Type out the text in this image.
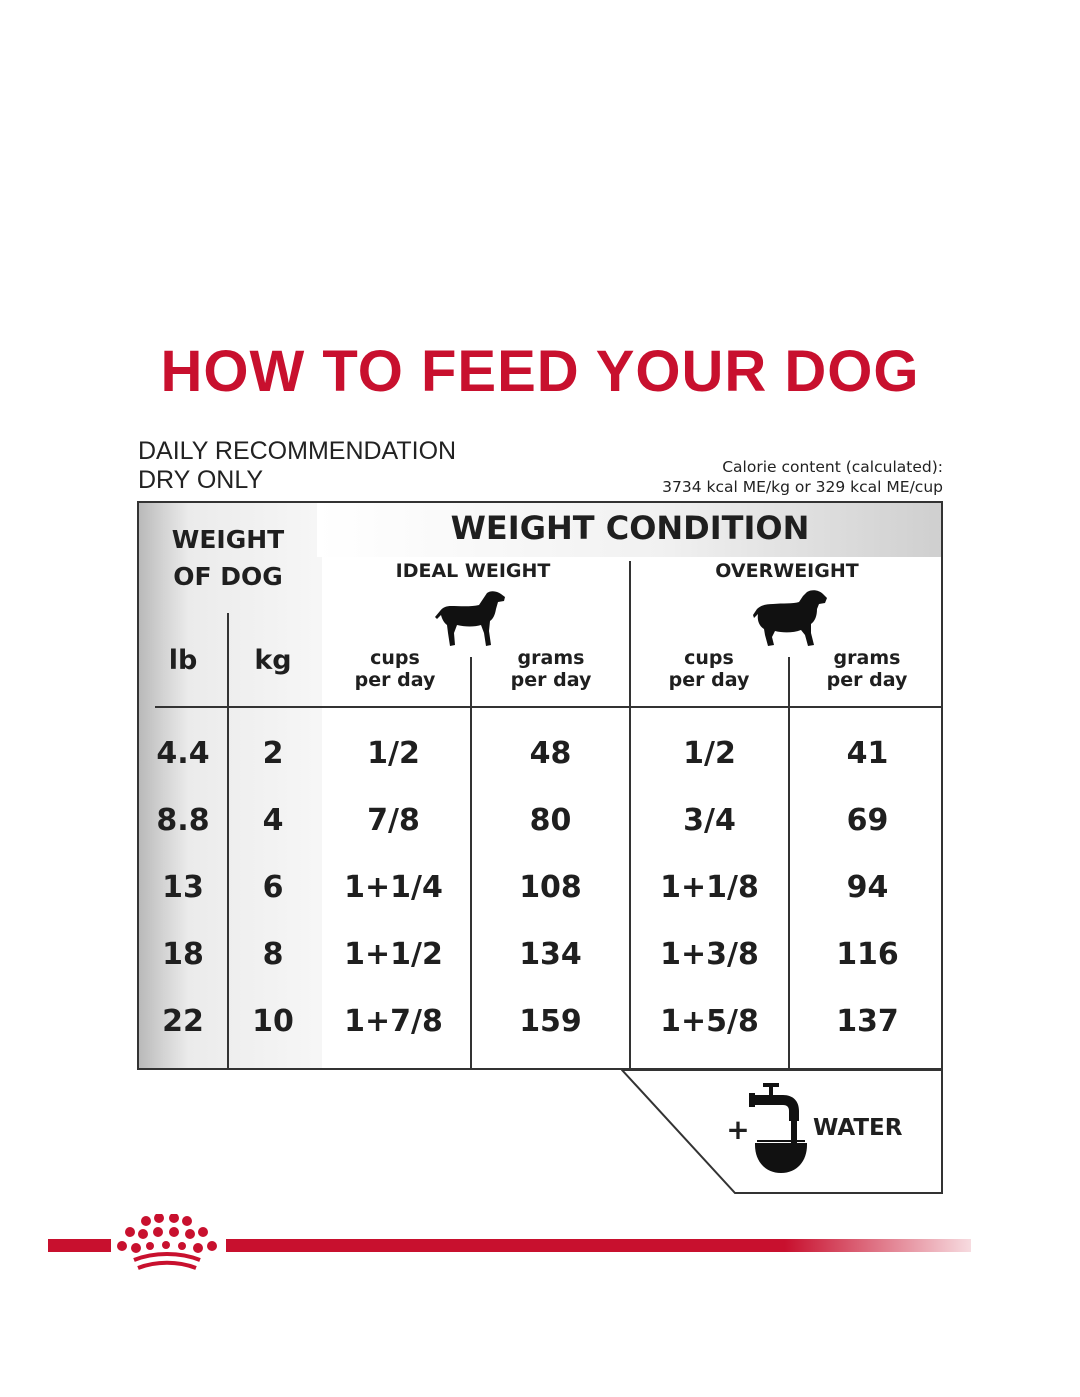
HOW TO FEED YOUR DOG
DAILY RECOMMENDATION
DRY ONLY	Calorie content (calculated):
3734 kcal ME/kg or 329 kcal ME/cup
WEIGHT
OF DOG
lb	kg
WEIGHT CONDITION
IDEAL WEIGHT	OVERWEIGHT
cups
per day
grams
per day
cups
per day
grams
per day
4.4	2	1/2	48	1/2	41
8.8	4	7/8	80	3/4	69
13	6	1+1/4	108	1+1/8	94
18	8	1+1/2	134	1+3/8	116
22	10	1+7/8	159	1+5/8	137
+	WATER
